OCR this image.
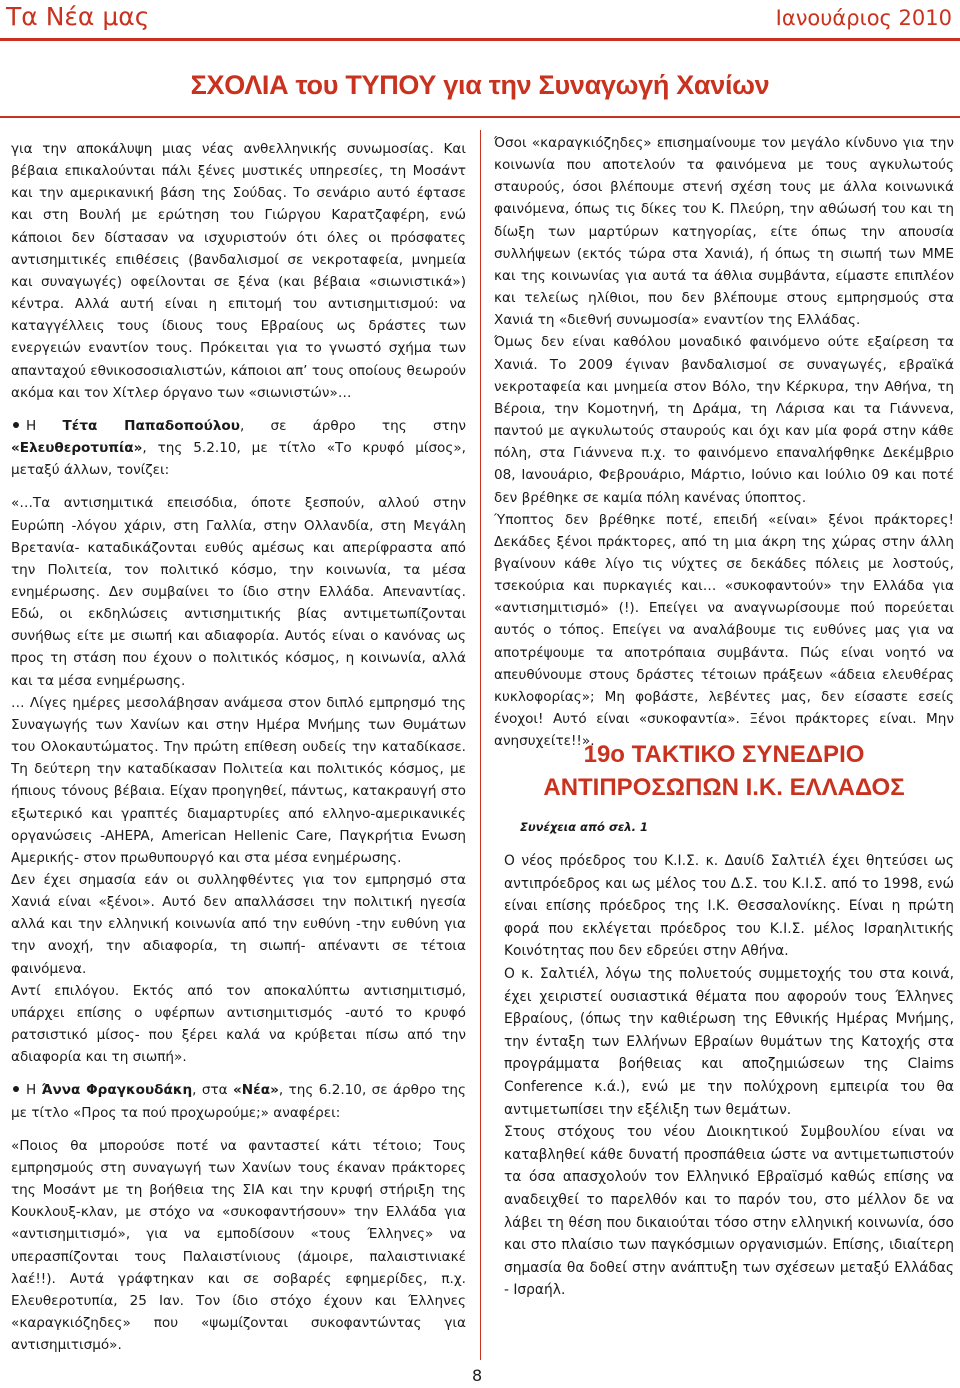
Τα Νέα μας	Ιανουάριος 2010
ΣΧΟΛΙΑ του ΤΥΠΟΥ για την Συναγωγή Χανίων

για την αποκάλυψη μιας νέας ανθελληνικής συνωμοσίας. Και βέβαια επικαλούνται πάλι ξένες μυστικές υπηρεσίες, τη Μοσάντ και την αμερικανική βάση της Σούδας. Το σενάριο αυτό έφτασε και στη Βουλή με ερώτηση του Γιώργου Καρατζαφέρη, ενώ κάποιοι δεν δίστασαν να ισχυριστούν ότι όλες οι πρόσφατες αντισημιτικές επιθέσεις (βανδαλισμοί σε νεκροταφεία, μνημεία και συναγωγές) οφείλονται σε ξένα (και βέβαια «σιωνιστικά») κέντρα. Αλλά αυτή είναι η επιτομή του αντισημιτισμού: να καταγγέλλεις τους ίδιους τους Εβραίους ως δράστες των ενεργειών εναντίον τους. Πρόκειται για το γνωστό σχήμα των απανταχού εθνικοσοσιαλιστών, κάποιοι απ’ τους οποίους θεωρούν ακόμα και τον Χίτλερ όργανο των «σιωνιστών»…

Η Τέτα Παπαδοπούλου, σε άρθρο της στην «Ελευθεροτυπία», της 5.2.10, με τίτλο «Το κρυφό μίσος», μεταξύ άλλων, τονίζει:

«…Τα αντισημιτικά επεισόδια, όποτε ξεσπούν, αλλού στην Ευρώπη -λόγου χάριν, στη Γαλλία, στην Ολλανδία, στη Μεγάλη Βρετανία- καταδικάζονται ευθύς αμέσως και απερίφραστα από την Πολιτεία, τον πολιτικό κόσμο, την κοινωνία, τα μέσα ενημέρωσης. Δεν συμβαίνει το ίδιο στην Ελλάδα. Απεναντίας. Εδώ, οι εκδηλώσεις αντισημιτικής βίας αντιμετωπίζονται συνήθως είτε με σιωπή και αδιαφορία. Αυτός είναι ο κανόνας ως προς τη στάση που έχουν ο πολιτικός κόσμος, η κοινωνία, αλλά και τα μέσα ενημέρωσης.

… Λίγες ημέρες μεσολάβησαν ανάμεσα στον διπλό εμπρησμό της Συναγωγής των Χανίων και στην Ημέρα Μνήμης των Θυμάτων του Ολοκαυτώματος. Την πρώτη επίθεση ουδείς την καταδίκασε. Τη δεύτερη την καταδίκασαν Πολιτεία και πολιτικός κόσμος, με ήπιους τόνους βέβαια. Είχαν προηγηθεί, πάντως, κατακραυγή στο εξωτερικό και γραπτές διαμαρτυρίες από ελληνο-αμερικανικές οργανώσεις -AHEPA, American Hellenic Care, Παγκρήτια Ενωση Αμερικής- στον πρωθυπουργό και στα μέσα ενημέρωσης.

Δεν έχει σημασία εάν οι συλληφθέντες για τον εμπρησμό στα Χανιά είναι «ξένοι». Αυτό δεν απαλλάσσει την πολιτική ηγεσία αλλά και την ελληνική κοινωνία από την ευθύνη -την ευθύνη για την ανοχή, την αδιαφορία, τη σιωπή- απέναντι σε τέτοια φαινόμενα.

Αντί επιλόγου. Εκτός από τον αποκαλύπτω αντισημιτισμό, υπάρχει επίσης ο υφέρπων αντισημιτισμός -αυτό το κρυφό ρατσιστικό μίσος- που ξέρει καλά να κρύβεται πίσω από την αδιαφορία και τη σιωπή».

Η Άννα Φραγκουδάκη, στα «Νέα», της 6.2.10, σε άρθρο της με τίτλο «Προς τα πού προχωρούμε;» αναφέρει:

«Ποιος θα μπορούσε ποτέ να φανταστεί κάτι τέτοιο; Τους εμπρησμούς στη συναγωγή των Χανίων τους έκαναν πράκτορες της Μοσάντ με τη βοήθεια της ΣΙΑ και την κρυφή στήριξη της Κουκλουξ-κλαν, με στόχο να «συκοφαντήσουν» την Ελλάδα για «αντισημιτισμό», για να εμποδίσουν «τους Έλληνες» να υπερασπίζονται τους Παλαιστίνιους (άμοιρε, παλαιστινιακέ λαέ!!). Αυτά γράφτηκαν και σε σοβαρές εφημερίδες, π.χ. Ελευθεροτυπία, 25 Ιαν. Τον ίδιο στόχο έχουν και Έλληνες «καραγκιόζηδες» που «ψωμίζονται συκοφαντώντας για αντισημιτισμό».

Όσοι «καραγκιόζηδες» επισημαίνουμε τον μεγάλο κίνδυνο για την κοινωνία που αποτελούν τα φαινόμενα με τους αγκυλωτούς σταυρούς, όσοι βλέπουμε στενή σχέση τους με άλλα κοινωνικά φαινόμενα, όπως τις δίκες του Κ. Πλεύρη, την αθώωσή του και τη δίωξη των μαρτύρων κατηγορίας, είτε όπως την απουσία συλλήψεων (εκτός τώρα στα Χανιά), ή όπως τη σιωπή των ΜΜΕ και της κοινωνίας για αυτά τα άθλια συμβάντα, είμαστε επιπλέον και τελείως ηλίθιοι, που δεν βλέπουμε στους εμπρησμούς στα Χανιά τη «διεθνή συνωμοσία» εναντίον της Ελλάδας.

Όμως δεν είναι καθόλου μοναδικό φαινόμενο ούτε εξαίρεση τα Χανιά. Το 2009 έγιναν βανδαλισμοί σε συναγωγές, εβραϊκά νεκροταφεία και μνημεία στον Βόλο, την Κέρκυρα, την Αθήνα, τη Βέροια, την Κομοτηνή, τη Δράμα, τη Λάρισα και τα Γιάννενα, παντού με αγκυλωτούς σταυρούς και όχι καν μία φορά στην κάθε πόλη, στα Γιάννενα π.χ. το φαινόμενο επαναλήφθηκε Δεκέμβριο 08, Ιανουάριο, Φεβρουάριο, Μάρτιο, Ιούνιο και Ιούλιο 09 και ποτέ δεν βρέθηκε σε καμία πόλη κανένας ύποπτος.

Ύποπτος δεν βρέθηκε ποτέ, επειδή «είναι» ξένοι πράκτορες! Δεκάδες ξένοι πράκτορες, από τη μια άκρη της χώρας στην άλλη βγαίνουν κάθε λίγο τις νύχτες σε δεκάδες πόλεις με λοστούς, τσεκούρια και πυρκαγιές και… «συκοφαντούν» την Ελλάδα για «αντισημιτισμό» (!). Επείγει να αναγνωρίσουμε πού πορεύεται αυτός ο τόπος. Επείγει να αναλάβουμε τις ευθύνες μας για να αποτρέψουμε τα αποτρόπαια συμβάντα. Πώς είναι νοητό να απευθύνουμε στους δράστες τέτοιων πράξεων «άδεια ελευθέρας κυκλοφορίας»; Μη φοβάστε, λεβέντες μας, δεν είσαστε εσείς ένοχοι! Αυτό είναι «συκοφαντία». Ξένοι πράκτορες είναι. Μην ανησυχείτε!!».

19ο ΤΑΚΤΙΚΟ ΣΥΝΕΔΡΙΟ
ΑΝΤΙΠΡΟΣΩΠΩΝ Ι.Κ. ΕΛΛΑΔΟΣ
Συνέχεια από σελ. 1

Ο νέος πρόεδρος του Κ.Ι.Σ. κ. Δαυίδ Σαλτιέλ έχει θητεύσει ως αντιπρόεδρος και ως μέλος του Δ.Σ. του Κ.Ι.Σ. από το 1998, ενώ είναι επίσης πρόεδρος της Ι.Κ. Θεσσαλονίκης. Είναι η πρώτη φορά που εκλέγεται πρόεδρος του Κ.Ι.Σ. μέλος Ισραηλιτικής Κοινότητας που δεν εδρεύει στην Αθήνα.

Ο κ. Σαλτιέλ, λόγω της πολυετούς συμμετοχής του στα κοινά, έχει χειριστεί ουσιαστικά θέματα που αφορούν τους Έλληνες Εβραίους, (όπως την καθιέρωση της Εθνικής Ημέρας Μνήμης, την ένταξη των Ελλήνων Εβραίων θυμάτων της Κατοχής στα προγράμματα βοήθειας και αποζημιώσεων της Claims Conference κ.ά.), ενώ με την πολύχρονη εμπειρία του θα αντιμετωπίσει την εξέλιξη των θεμάτων.

Στους στόχους του νέου Διοικητικού Συμβουλίου είναι να καταβληθεί κάθε δυνατή προσπάθεια ώστε να αντιμετωπιστούν τα όσα απασχολούν τον Ελληνικό Εβραϊσμό καθώς επίσης να αναδειχθεί το παρελθόν και το παρόν του, στο μέλλον δε να λάβει τη θέση που δικαιούται τόσο στην ελληνική κοινωνία, όσο και στο πλαίσιο των παγκόσμιων οργανισμών. Επίσης, ιδιαίτερη σημασία θα δοθεί στην ανάπτυξη των σχέσεων μεταξύ Ελλάδας - Ισραήλ.

8
